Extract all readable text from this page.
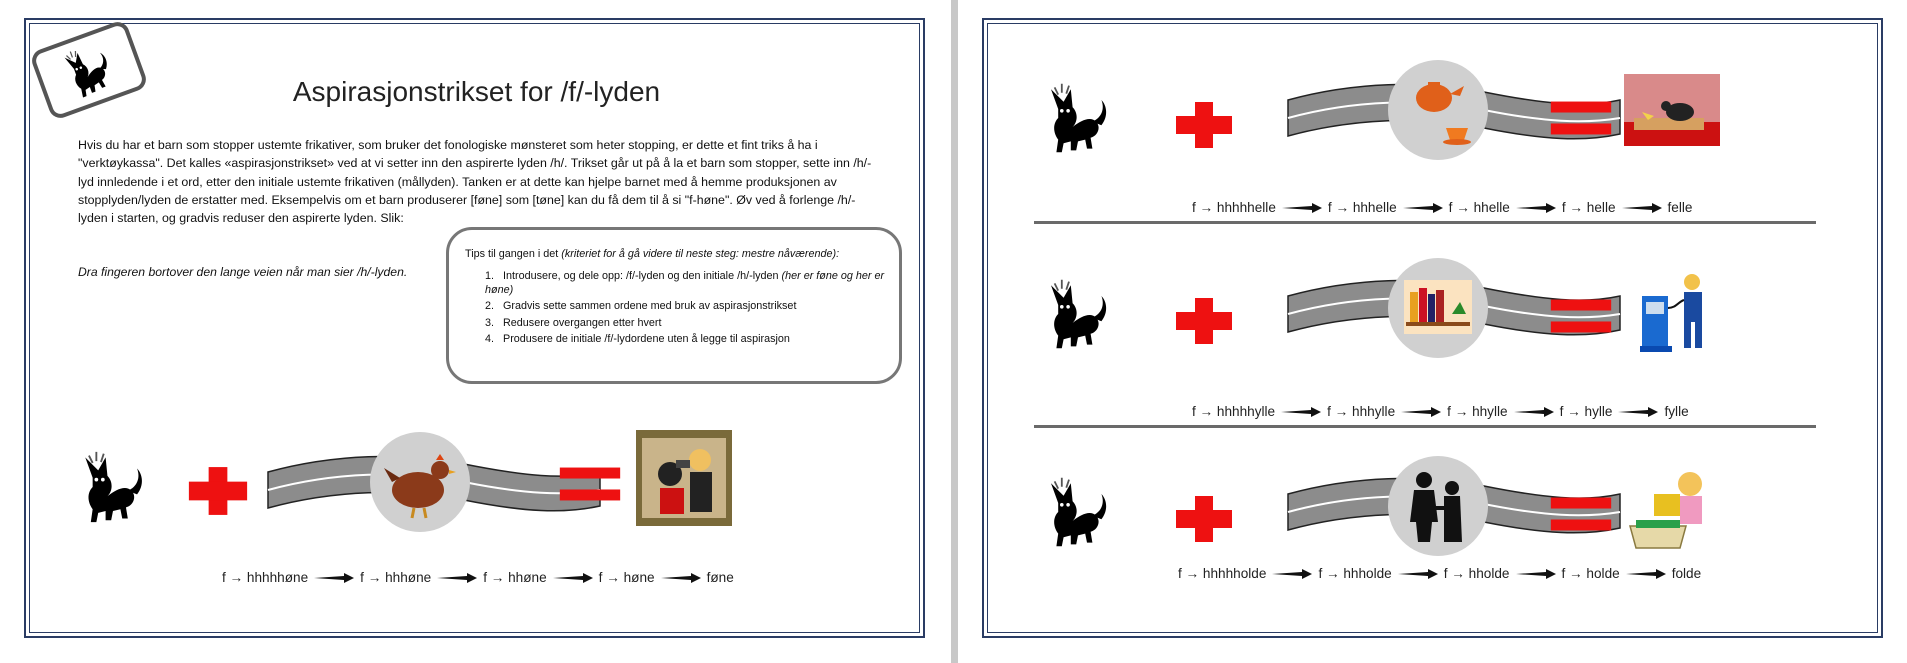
Aspirasjonstrikset for /f/-lyden
Hvis du har et barn som stopper ustemte frikativer, som bruker det fonologiske mønsteret som heter stopping, er dette et fint triks å ha i "verktøykassa". Det kalles «aspirasjonstrikset» ved at vi setter inn den aspirerte lyden /h/. Trikset går ut på å la et barn som stopper, sette inn /h/-lyd innledende i et ord, etter den initiale ustemte frikativen (mållyden). Tanken er at dette kan hjelpe barnet med å hemme produksjonen av stopplyden/lyden de erstatter med. Eksempelvis om et barn produserer [føne] som [tøne] kan du få dem til å si "f-høne". Øv ved å forlenge /h/-lyden i starten, og gradvis reduser den aspirerte lyden. Slik:
Dra fingeren bortover den lange veien når man sier /h/-lyden.
Tips til gangen i det (kriteriet for å gå videre til neste steg: mestre nåværende):
1. Introdusere, og dele opp: /f/-lyden og den initiale /h/-lyden (her er føne og her er høne)
2. Gradvis sette sammen ordene med bruk av aspirasjonstrikset
3. Redusere overgangen etter hvert
4. Produsere de initiale /f/-lydordene uten å legge til aspirasjon
f → hhhhhøne	f → hhhøne	f → hhøne	f → høne	føne
f → hhhhhelle	f → hhhelle	f → hhelle	f → helle	felle
f → hhhhhylle	f → hhhylle	f → hhylle	f → hylle	fylle
f → hhhhholde	f → hhholde	f → hholde	f → holde	folde
